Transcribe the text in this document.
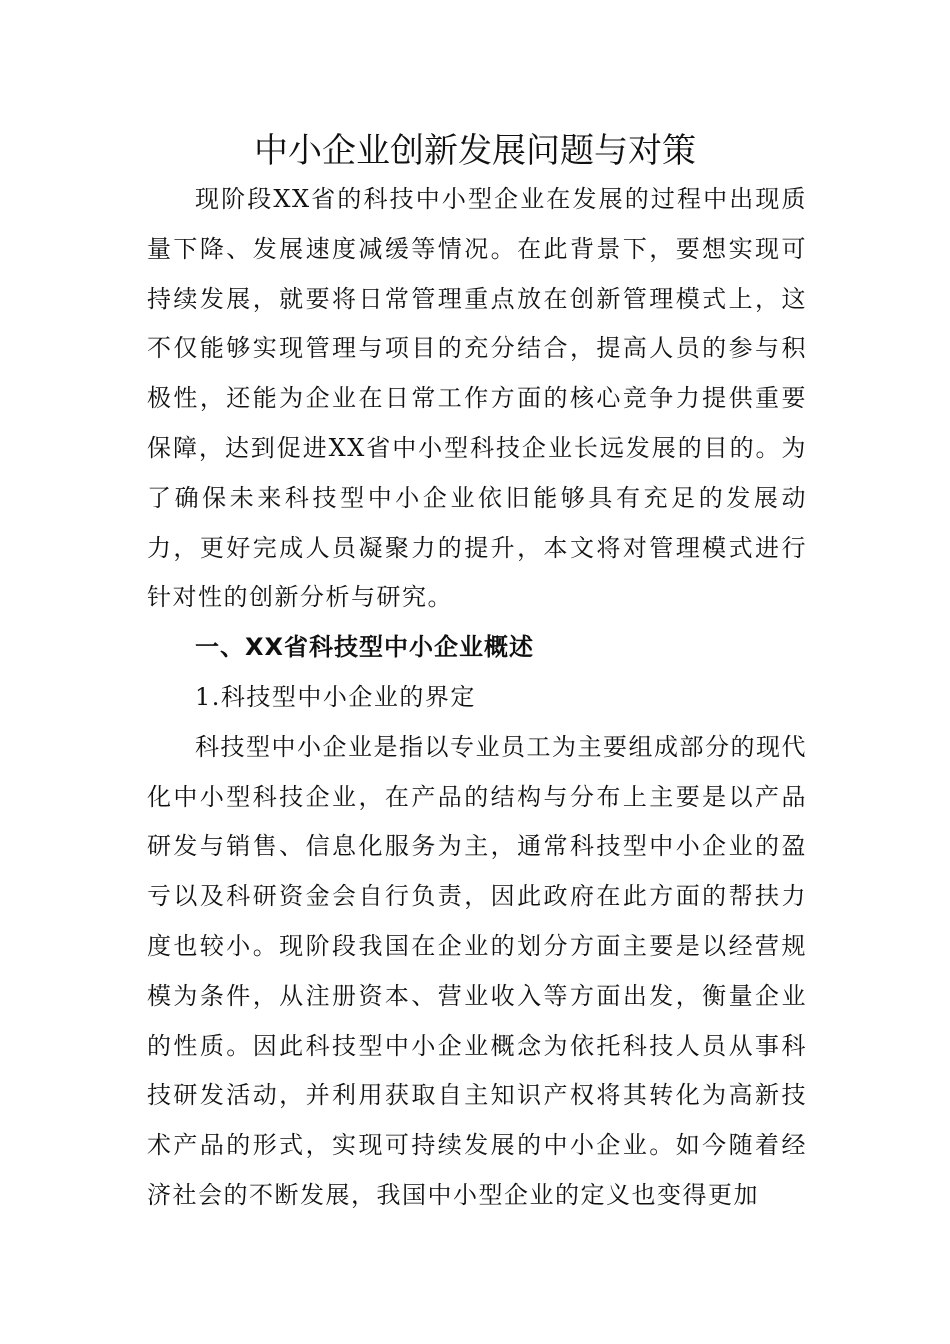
中小企业创新发展问题与对策

现阶段XX省的科技中小型企业在发展的过程中出现质量下降、发展速度减缓等情况。在此背景下，要想实现可持续发展，就要将日常管理重点放在创新管理模式上，这不仅能够实现管理与项目的充分结合，提高人员的参与积极性，还能为企业在日常工作方面的核心竞争力提供重要保障，达到促进XX省中小型科技企业长远发展的目的。为了确保未来科技型中小企业依旧能够具有充足的发展动力，更好完成人员凝聚力的提升，本文将对管理模式进行针对性的创新分析与研究。

一、XX省科技型中小企业概述

1.科技型中小企业的界定

科技型中小企业是指以专业员工为主要组成部分的现代化中小型科技企业，在产品的结构与分布上主要是以产品研发与销售、信息化服务为主，通常科技型中小企业的盈亏以及科研资金会自行负责，因此政府在此方面的帮扶力度也较小。现阶段我国在企业的划分方面主要是以经营规模为条件，从注册资本、营业收入等方面出发，衡量企业的性质。因此科技型中小企业概念为依托科技人员从事科技研发活动，并利用获取自主知识产权将其转化为高新技术产品的形式，实现可持续发展的中小企业。如今随着经济社会的不断发展，我国中小型企业的定义也变得更加
